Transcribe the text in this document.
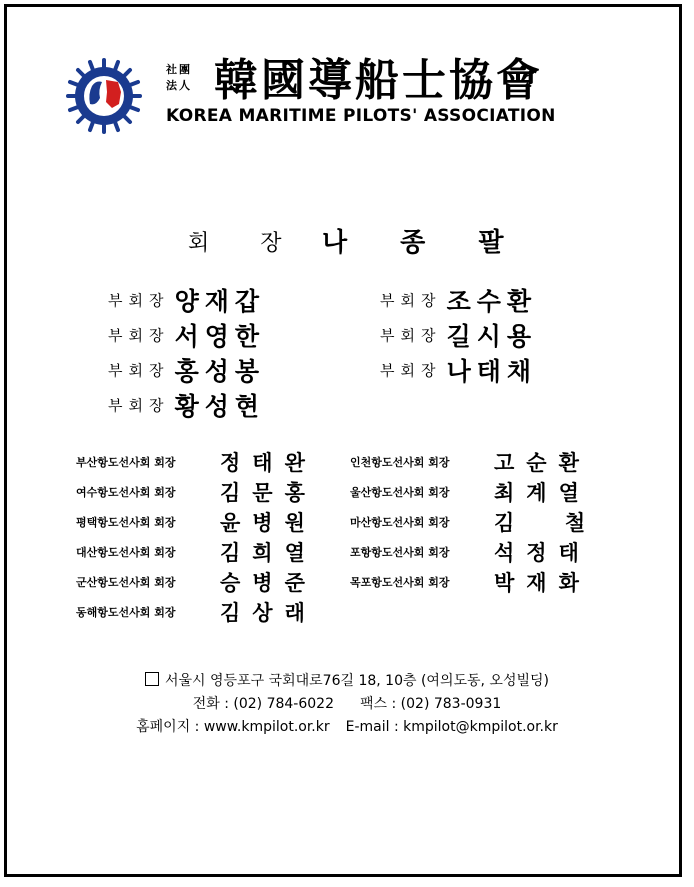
社團
法人 韓國導船士協會
KOREA MARITIME PILOTS' ASSOCIATION
회 장 나 종 팔
부회장 양재갑	부회장 조수환
부회장 서영한	부회장 길시용
부회장 홍성봉	부회장 나태채
부회장 황성현
부산항도선사회 회장 정태완	인천항도선사회 회장 고순환
여수항도선사회 회장 김문홍	울산항도선사회 회장 최계열
평택항도선사회 회장 윤병원	마산항도선사회 회장 김  철
대산항도선사회 회장 김희열	포항항도선사회 회장 석정태
군산항도선사회 회장 승병준	목포항도선사회 회장 박재화
동해항도선사회 회장 김상래
서울시 영등포구 국회대로76길 18, 10층 (여의도동, 오성빌딩)
전화 : (02) 784-6022 팩스 : (02) 783-0931
홈페이지 : www.kmpilot.or.kr E-mail : kmpilot@kmpilot.or.kr
